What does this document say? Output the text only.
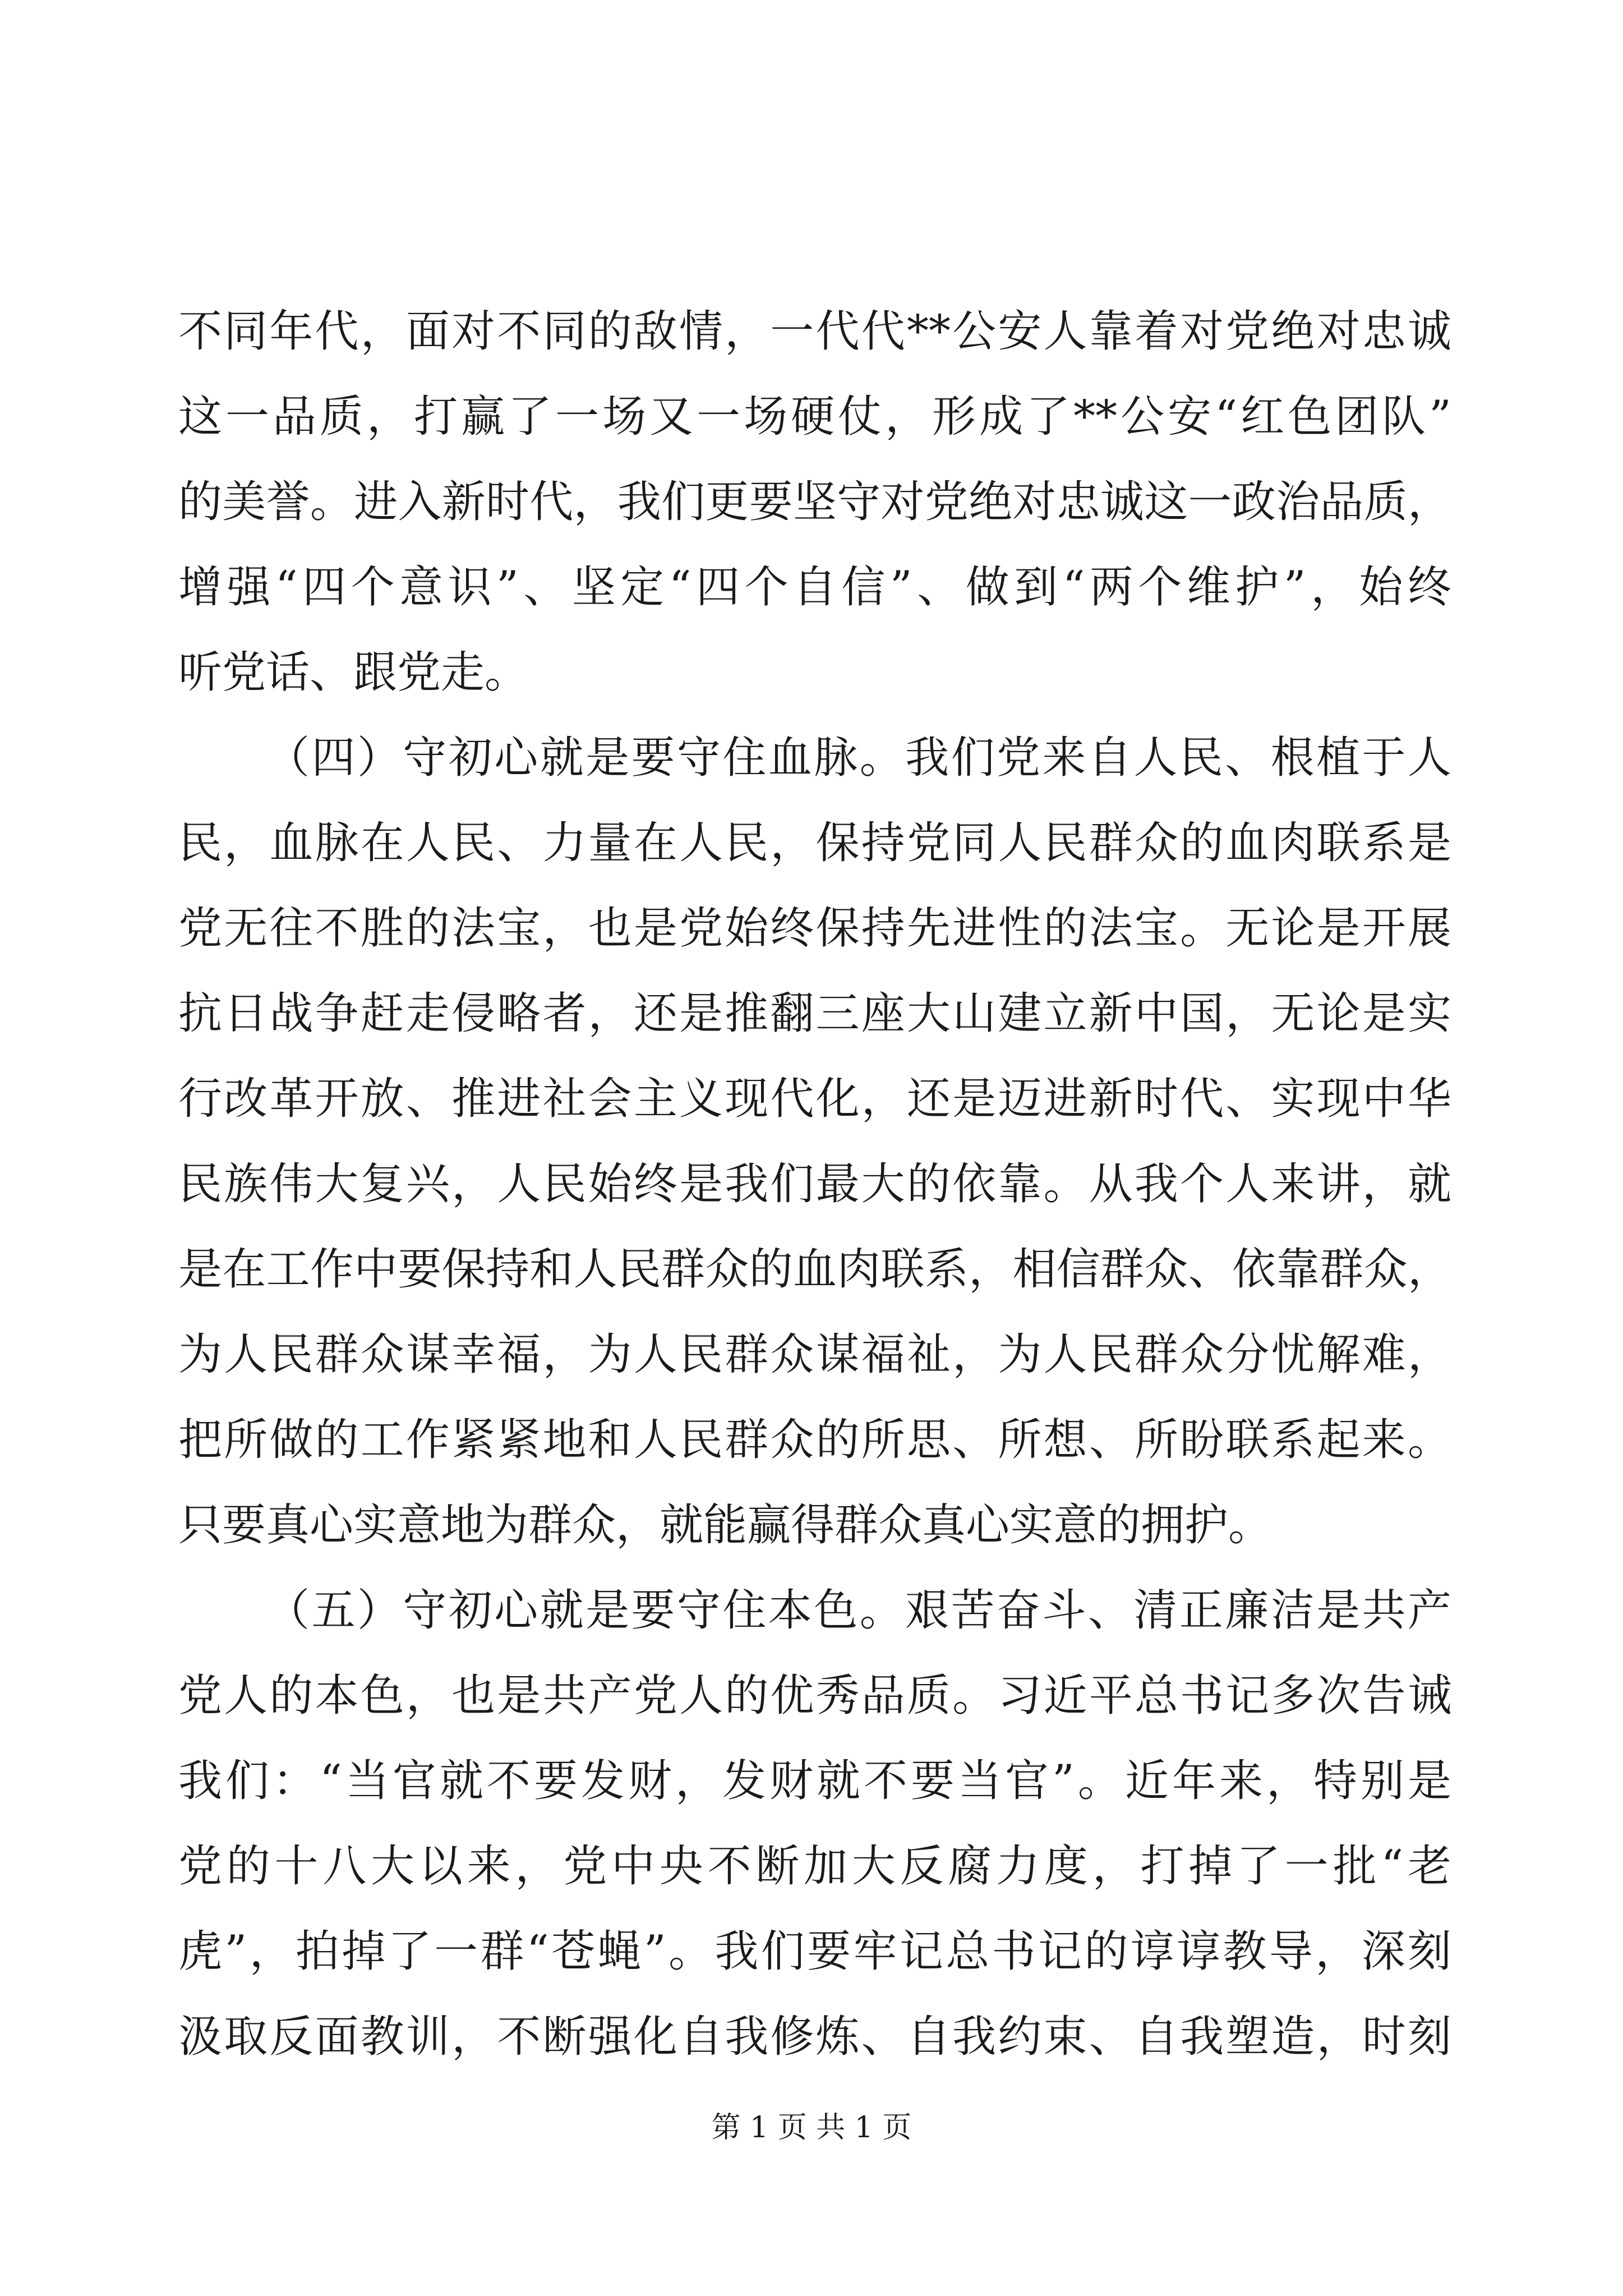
不同年代，面对不同的敌情，一代代**公安人靠着对党绝对忠诚
这一品质，打赢了一场又一场硬仗，形成了**公安“红色团队”
的美誉。进入新时代，我们更要坚守对党绝对忠诚这一政治品质，
增强“四个意识”、坚定“四个自信”、做到“两个维护”，始终
听党话、跟党走。
（四）守初心就是要守住血脉。我们党来自人民、根植于人
民，血脉在人民、力量在人民，保持党同人民群众的血肉联系是
党无往不胜的法宝，也是党始终保持先进性的法宝。无论是开展
抗日战争赶走侵略者，还是推翻三座大山建立新中国，无论是实
行改革开放、推进社会主义现代化，还是迈进新时代、实现中华
民族伟大复兴，人民始终是我们最大的依靠。从我个人来讲，就
是在工作中要保持和人民群众的血肉联系，相信群众、依靠群众，
为人民群众谋幸福，为人民群众谋福祉，为人民群众分忧解难，
把所做的工作紧紧地和人民群众的所思、所想、所盼联系起来。
只要真心实意地为群众，就能赢得群众真心实意的拥护。
（五）守初心就是要守住本色。艰苦奋斗、清正廉洁是共产
党人的本色，也是共产党人的优秀品质。习近平总书记多次告诫
我们：“当官就不要发财，发财就不要当官”。近年来，特别是
党的十八大以来，党中央不断加大反腐力度，打掉了一批“老
虎”，拍掉了一群“苍蝇”。我们要牢记总书记的谆谆教导，深刻
汲取反面教训，不断强化自我修炼、自我约束、自我塑造，时刻
第 1 页 共 1 页
